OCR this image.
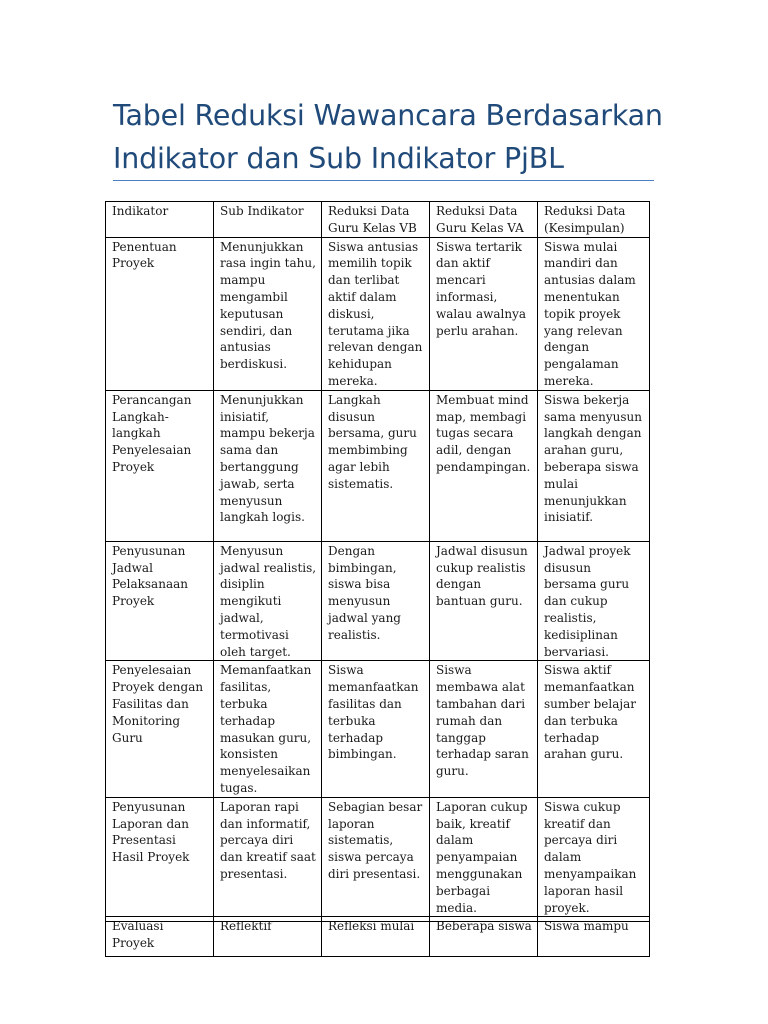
Tabel Reduksi Wawancara Berdasarkan
Indikator dan Sub Indikator PjBL
Indikator	Sub Indikator	Reduksi Data Guru Kelas VB	Reduksi Data Guru Kelas VA	Reduksi Data (Kesimpulan)
Penentuan Proyek	Menunjukkan rasa ingin tahu, mampu mengambil keputusan sendiri, dan antusias berdiskusi.	Siswa antusias memilih topik dan terlibat aktif dalam diskusi, terutama jika relevan dengan kehidupan mereka.	Siswa tertarik dan aktif mencari informasi, walau awalnya perlu arahan.	Siswa mulai mandiri dan antusias dalam menentukan topik proyek yang relevan dengan pengalaman mereka.
Perancangan Langkah-langkah Penyelesaian Proyek	Menunjukkan inisiatif, mampu bekerja sama dan bertanggung jawab, serta menyusun langkah logis.	Langkah disusun bersama, guru membimbing agar lebih sistematis.	Membuat mind map, membagi tugas secara adil, dengan pendampingan.	Siswa bekerja sama menyusun langkah dengan arahan guru, beberapa siswa mulai menunjukkan inisiatif.
Penyusunan Jadwal Pelaksanaan Proyek	Menyusun jadwal realistis, disiplin mengikuti jadwal, termotivasi oleh target.	Dengan bimbingan, siswa bisa menyusun jadwal yang realistis.	Jadwal disusun cukup realistis dengan bantuan guru.	Jadwal proyek disusun bersama guru dan cukup realistis, kedisiplinan bervariasi.
Penyelesaian Proyek dengan Fasilitas dan Monitoring Guru	Memanfaatkan fasilitas, terbuka terhadap masukan guru, konsisten menyelesaikan tugas.	Siswa memanfaatkan fasilitas dan terbuka terhadap bimbingan.	Siswa membawa alat tambahan dari rumah dan tanggap terhadap saran guru.	Siswa aktif memanfaatkan sumber belajar dan terbuka terhadap arahan guru.
Penyusunan Laporan dan Presentasi Hasil Proyek	Laporan rapi dan informatif, percaya diri dan kreatif saat presentasi.	Sebagian besar laporan sistematis, siswa percaya diri presentasi.	Laporan cukup baik, kreatif dalam penyampaian menggunakan berbagai media.	Siswa cukup kreatif dan percaya diri dalam menyampaikan laporan hasil proyek.
Evaluasi Proyek	Reflektif	Refleksi mulai	Beberapa siswa	Siswa mampu
